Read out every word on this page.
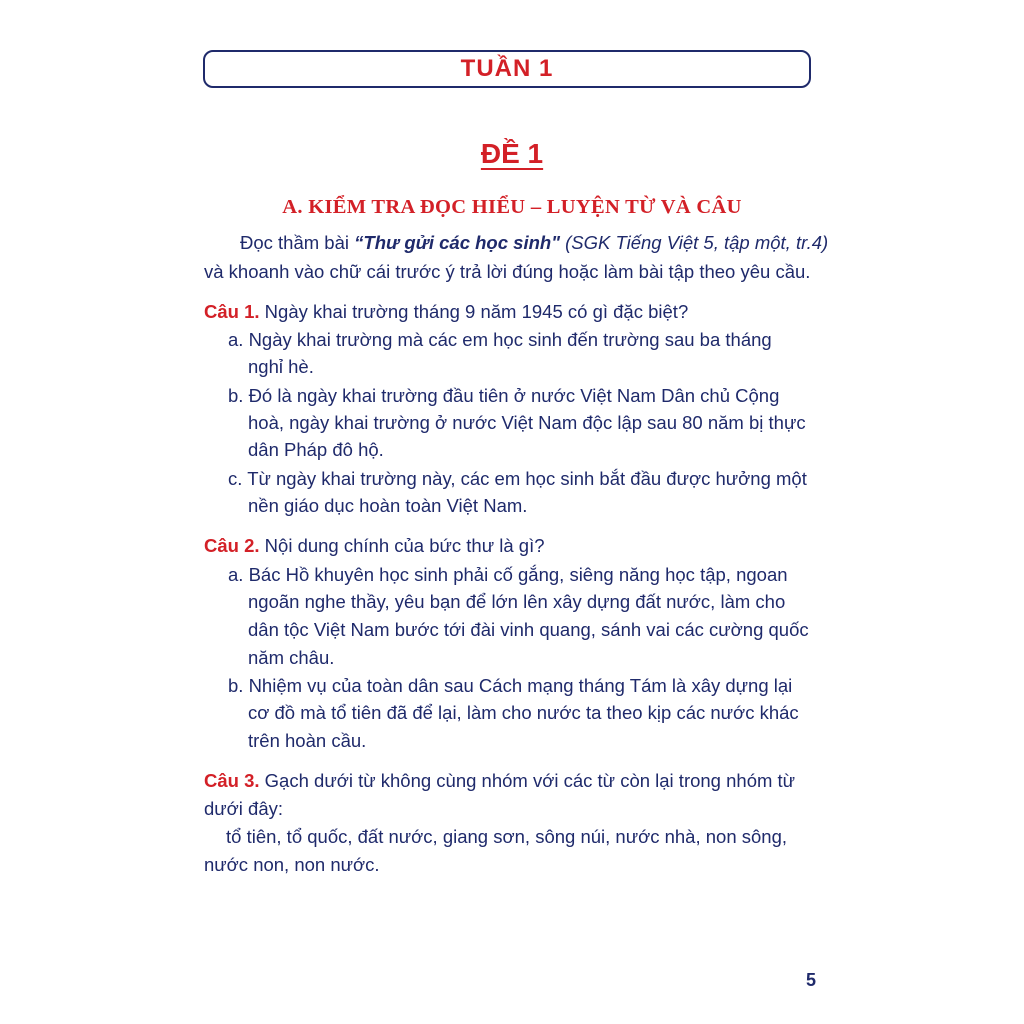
TUẦN 1
ĐỀ 1
A. KIỂM TRA ĐỌC HIỂU – LUYỆN TỪ VÀ CÂU
Đọc thầm bài “Thư gửi các học sinh" (SGK Tiếng Việt 5, tập một, tr.4)
và khoanh vào chữ cái trước ý trả lời đúng hoặc làm bài tập theo yêu cầu.
Câu 1. Ngày khai trường tháng 9 năm 1945 có gì đặc biệt?
a. Ngày khai trường mà các em học sinh đến trường sau ba tháng
nghỉ hè.
b. Đó là ngày khai trường đầu tiên ở nước Việt Nam Dân chủ Cộng
hoà, ngày khai trường ở nước Việt Nam độc lập sau 80 năm bị thực
dân Pháp đô hộ.
c. Từ ngày khai trường này, các em học sinh bắt đầu được hưởng một
nền giáo dục hoàn toàn Việt Nam.
Câu 2. Nội dung chính của bức thư là gì?
a. Bác Hồ khuyên học sinh phải cố gắng, siêng năng học tập, ngoan
ngoãn nghe thầy, yêu bạn để lớn lên xây dựng đất nước, làm cho
dân tộc Việt Nam bước tới đài vinh quang, sánh vai các cường quốc
năm châu.
b. Nhiệm vụ của toàn dân sau Cách mạng tháng Tám là xây dựng lại
cơ đồ mà tổ tiên đã để lại, làm cho nước ta theo kịp các nước khác
trên hoàn cầu.
Câu 3. Gạch dưới từ không cùng nhóm với các từ còn lại trong nhóm từ
dưới đây:
tổ tiên, tổ quốc, đất nước, giang sơn, sông núi, nước nhà, non sông,
nước non, non nước.
5
